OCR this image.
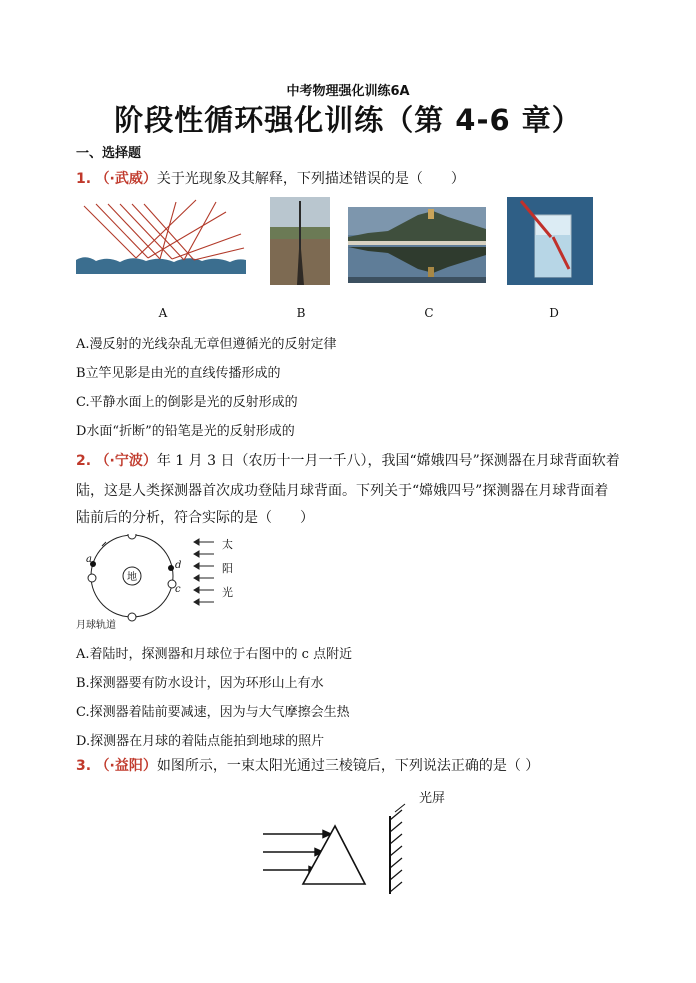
中考物理强化训练6A
阶段性循环强化训练（第 4-6 章）
一、选择题
1. （·武威）关于光现象及其解释，下列描述错误的是（　　）
A	B	C	D
A.漫反射的光线杂乱无章但遵循光的反射定律
B立竿见影是由光的直线传播形成的
C.平静水面上的倒影是光的反射形成的
D水面“折断”的铅笔是光的反射形成的
2. （·宁波）年 1 月 3 日（农历十一月一千八），我国“嫦娥四号”探测器在月球背面软着
陆，这是人类探测器首次成功登陆月球背面。下列关于“嫦娥四号”探测器在月球背面着
陆前后的分析，符合实际的是（　　）
地
a
d
c
月球轨道
太
阳
光
A.着陆时，探测器和月球位于右图中的 c 点附近
B.探测器要有防水设计，因为环形山上有水
C.探测器着陆前要减速，因为与大气摩擦会生热
D.探测器在月球的着陆点能拍到地球的照片
3. （·益阳）如图所示，一束太阳光通过三棱镜后，下列说法正确的是（ ）
光屏
